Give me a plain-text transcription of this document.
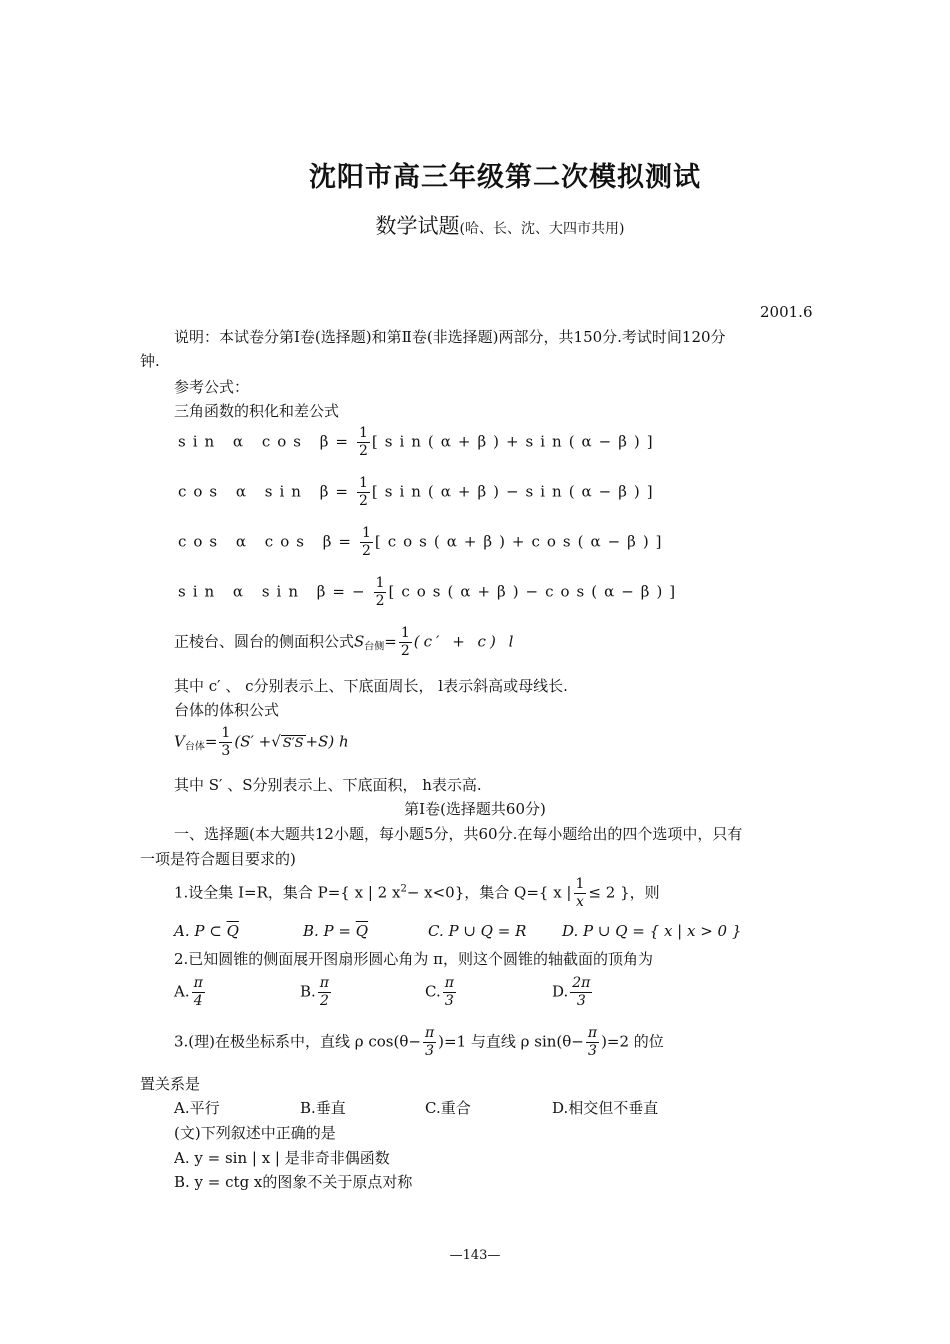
沈阳市高三年级第二次模拟测试
数学试题(哈、长、沈、大四市共用)
2001.6
说明：本试卷分第Ⅰ卷(选择题)和第Ⅱ卷(非选择题)两部分，共150分.考试时间120分
钟.
参考公式：
三角函数的积化和差公式
sin α $\cos \beta= \frac{1}{2} [\sin(\alpha+\beta)+\sin(\alpha-\beta)]$
cos α $\sin \beta= \frac{1}{2} [\sin(\alpha+\beta)-\sin(\alpha-\beta)]$
cos α $\cos \beta= \frac{1}{2} [\cos(\alpha+\beta)+\cos(\alpha-\beta)]$
sin α $\sin \beta=- \frac{1}{2} [\cos(\alpha+\beta)-\cos(\alpha-\beta)]$
正棱台、圆台的侧面积公式$S_{台侧}= \frac{1}{2} (c' + c)$ l
其中 c′ 、 c分别表示上、下底面周长， l表示斜高或母线长.
台体的体积公式
$V_{台体}= \frac{1}{3} (S'$ +√ S′S +S) h
其中 S′ 、S分别表示上、下底面积， h表示高.
第Ⅰ卷(选择题共60分)
一、选择题(本大题共12小题，每小题5分，共60分.在每小题给出的四个选项中，只有
一项是符合题目要求的)
1.设全集 I=R，集合 P={ x | 2 $x^2- x<0$}，集合 Q={ x | $\frac{1}{x} \le 2$ }，则
A. P ⊂ $\overline{Q}$	B. $P = \overline{Q}$	C. P ∪ Q = R D. P ∪ Q = { x | x > 0 }
2.已知圆锥的侧面展开图扇形圆心角为 π，则这个圆锥的轴截面的顶角为
A. $\frac{\pi}{4}$	B. $\frac{\pi}{2}$	C. $\frac{\pi}{3}$	D. $\frac{2\pi}{3}$
3.(理)在极坐标系中，直线 ρ $\cos(\theta- \frac{\pi}{3} )=1$ 与直线 ρ $\sin(\theta- \frac{\pi}{3} )=2$ 的位
置关系是
A.平行	B.垂直	C.重合	D.相交但不垂直
(文)下列叙述中正确的是
A. y = sin | x | 是非奇非偶函数
B. y = ctg x的图象不关于原点对称
—143—
